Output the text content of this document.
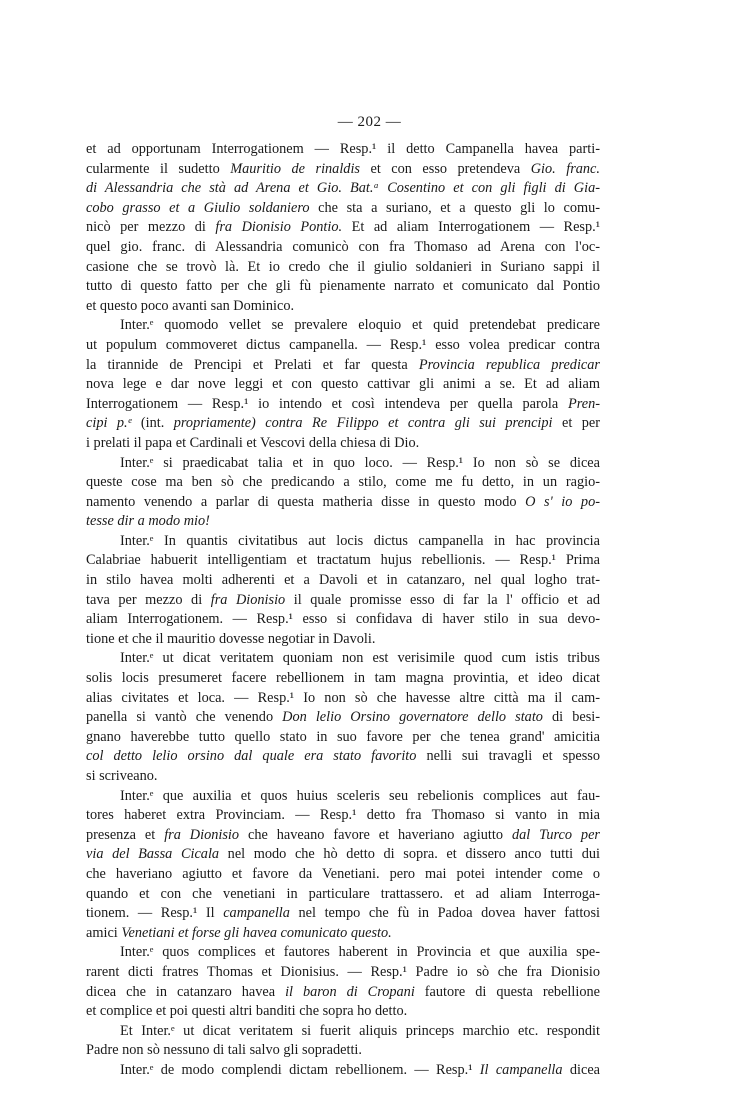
— 202 —
et ad opportunam Interrogationem — Resp.¹ il detto Campanella havea parti-
cularmente il sudetto Mauritio de rinaldis et con esso pretendeva Gio. franc.
di Alessandria che stà ad Arena et Gio. Bat.ᵃ Cosentino et con gli figli di Gia-
cobo grasso et a Giulio soldaniero che sta a suriano, et a questo gli lo comu-
nicò per mezzo di fra Dionisio Pontio. Et ad aliam Interrogationem — Resp.¹
quel gio. franc. di Alessandria comunicò con fra Thomaso ad Arena con l'oc-
casione che se trovò là. Et io credo che il giulio soldanieri in Suriano sappi il
tutto di questo fatto per che gli fù pienamente narrato et comunicato dal Pontio
et questo poco avanti san Dominico.
Inter.ᵉ quomodo vellet se prevalere eloquio et quid pretendebat predicare
ut populum commoveret dictus campanella. — Resp.¹ esso volea predicar contra
la tirannide de Prencipi et Prelati et far questa Provincia republica predicar
nova lege e dar nove leggi et con questo cattivar gli animi a se. Et ad aliam
Interrogationem — Resp.¹ io intendo et così intendeva per quella parola Pren-
cipi p.ᵉ (int. propriamente) contra Re Filippo et contra gli sui prencipi et per
i prelati il papa et Cardinali et Vescovi della chiesa di Dio.
Inter.ᵉ si praedicabat talia et in quo loco. — Resp.¹ Io non sò se dicea
queste cose ma ben sò che predicando a stilo, come me fu detto, in un ragio-
namento venendo a parlar di questa matheria disse in questo modo O s' io po-
tesse dir a modo mio!
Inter.ᵉ In quantis civitatibus aut locis dictus campanella in hac provincia
Calabriae habuerit intelligentiam et tractatum hujus rebellionis. — Resp.¹ Prima
in stilo havea molti adherenti et a Davoli et in catanzaro, nel qual logho trat-
tava per mezzo di fra Dionisio il quale promisse esso di far la l' officio et ad
aliam Interrogationem. — Resp.¹ esso si confidava di haver stilo in sua devo-
tione et che il mauritio dovesse negotiar in Davoli.
Inter.ᵉ ut dicat veritatem quoniam non est verisimile quod cum istis tribus
solis locis presumeret facere rebellionem in tam magna provintia, et ideo dicat
alias civitates et loca. — Resp.¹ Io non sò che havesse altre città ma il cam-
panella si vantò che venendo Don lelio Orsino governatore dello stato di besi-
gnano haverebbe tutto quello stato in suo favore per che tenea grand' amicitia
col detto lelio orsino dal quale era stato favorito nelli sui travagli et spesso
si scriveano.
Inter.ᵉ que auxilia et quos huius sceleris seu rebelionis complices aut fau-
tores haberet extra Provinciam. — Resp.¹ detto fra Thomaso si vanto in mia
presenza et fra Dionisio che haveano favore et haveriano agiutto dal Turco per
via del Bassa Cicala nel modo che hò detto di sopra. et dissero anco tutti dui
che haveriano agiutto et favore da Venetiani. pero mai potei intender come o
quando et con che venetiani in particulare trattassero. et ad aliam Interroga-
tionem. — Resp.¹ Il campanella nel tempo che fù in Padoa dovea haver fattosi
amici Venetiani et forse gli havea comunicato questo.
Inter.ᵉ quos complices et fautores haberent in Provincia et que auxilia spe-
rarent dicti fratres Thomas et Dionisius. — Resp.¹ Padre io sò che fra Dionisio
dicea che in catanzaro havea il baron di Cropani fautore di questa rebellione
et complice et poi questi altri banditi che sopra ho detto.
Et Inter.ᵉ ut dicat veritatem si fuerit aliquis princeps marchio etc. respondit
Padre non sò nessuno di tali salvo gli sopradetti.
Inter.ᵉ de modo complendi dictam rebellionem. — Resp.¹ Il campanella dicea
